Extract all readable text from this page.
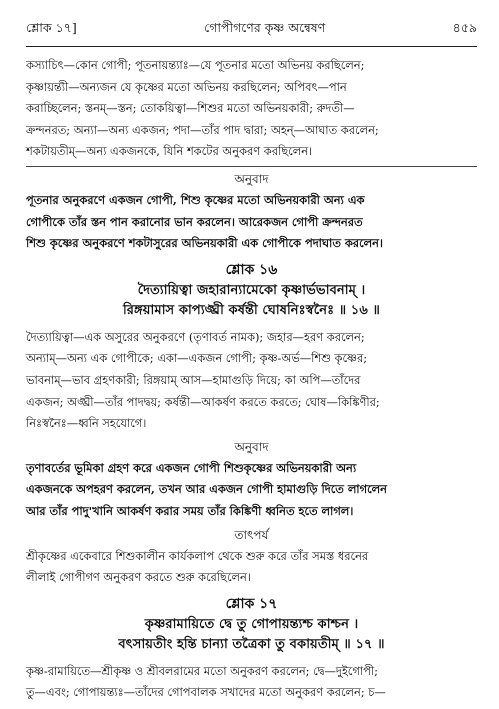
শ্লোক ১৭]	গোপীগণের কৃষ্ণ অন্বেষণ	৪৫৯

কস্যাচিৎ—কোন গোপী; পূতনায়ন্ত্যাঃ—যে পূতনার মতো অভিনয় করছিলেন;

কৃষ্ণায়ন্ত্যী—অন্যজন যে কৃষ্ণের মতো অভিনয় করছিলেন; অপিবৎ—পান

করাচ্ছিলেন; স্তনম্—স্তন; তোকয়িত্বা—শিশুর মতো অভিনয়কারী; রুদতী—

ক্রন্দনরত; অন্যা—অন্য একজন; পদা—তাঁর পাদ দ্বারা; অহন্—আঘাত করলেন;

শকটায়তীম্—অন্য একজনকে, যিনি শকটের অনুকরণ করছিলেন।

অনুবাদ

পূতনার অনুকরণে একজন গোপী, শিশু কৃষ্ণের মতো অভিনয়কারী অন্য এক

গোপীকে তাঁর স্তন পান করানোর ভান করলেন। আরেকজন গোপী ক্রন্দনরত

শিশু কৃষ্ণের অনুকরণে শকটাসুরের অভিনয়কারী এক গোপীকে পদাঘাত করলেন।

শ্লোক ১৬

দৈত্যায়িত্বা জহারান্যামেকো কৃষ্ণার্ভভাবনাম্ ।

রিঙ্গয়ামাস কাপ্যঙ্ঘ্রী কর্ষন্তী ঘোষনিঃস্বনৈঃ ॥ ১৬ ॥

দৈত্যায়িত্বা—এক অসুরের অনুকরণে (তৃণাবর্ত নামক); জহার—হরণ করলেন;

অন্যাম্—অন্য এক গোপীকে; একা—একজন গোপী; কৃষ্ণ-অর্ভ—শিশু কৃষ্ণের;

ভাবনাম্—ভাব গ্রহণকারী; রিঙ্গয়াম্ আস—হামাগুড়ি দিয়ে; কা অপি—তাঁদের

একজন; অঙ্ঘ্রী—তাঁর পাদদ্বয়; কর্ষন্তী—আকর্ষণ করতে করতে; ঘোষ—কিঙ্কিণীর;

নিঃস্বনৈঃ—ধ্বনি সহযোগে।

অনুবাদ

তৃণাবর্তের ভূমিকা গ্রহণ করে একজন গোপী শিশুকৃষ্ণের অভিনয়কারী অন্য

একজনকে অপহরণ করলেন, তখন আর একজন গোপী হামাগুড়ি দিতে লাগলেন

আর তাঁর পাদু'খানি আকর্ষণ করার সময় তাঁর কিঙ্কিণী ধ্বনিত হতে লাগল।

তাৎপর্য

শ্রীকৃষ্ণের একেবারে শিশুকালীন কার্যকলাপ থেকে শুরু করে তাঁর সমস্ত ধরনের

লীলাই গোপীগণ অনুকরণ করতে শুরু করেছিলেন।

শ্লোক ১৭

কৃষ্ণরামায়িতে দ্বে তু গোপায়ন্ত্যশ্চ কাশ্চন ।

বৎসায়তীং হন্তি চান্যা তত্রৈকা তু বকায়তীম্ ॥ ১৭ ॥

কৃষ্ণ-রামায়িতে—শ্রীকৃষ্ণ ও শ্রীবলরামের মতো অনুকরণ করলেন; দ্বে—দুইগোপী;

তু—এবং; গোপায়ন্ত্যঃ—তাঁদের গোপবালক সখাদের মতো অনুকরণ করলেন; চ—
